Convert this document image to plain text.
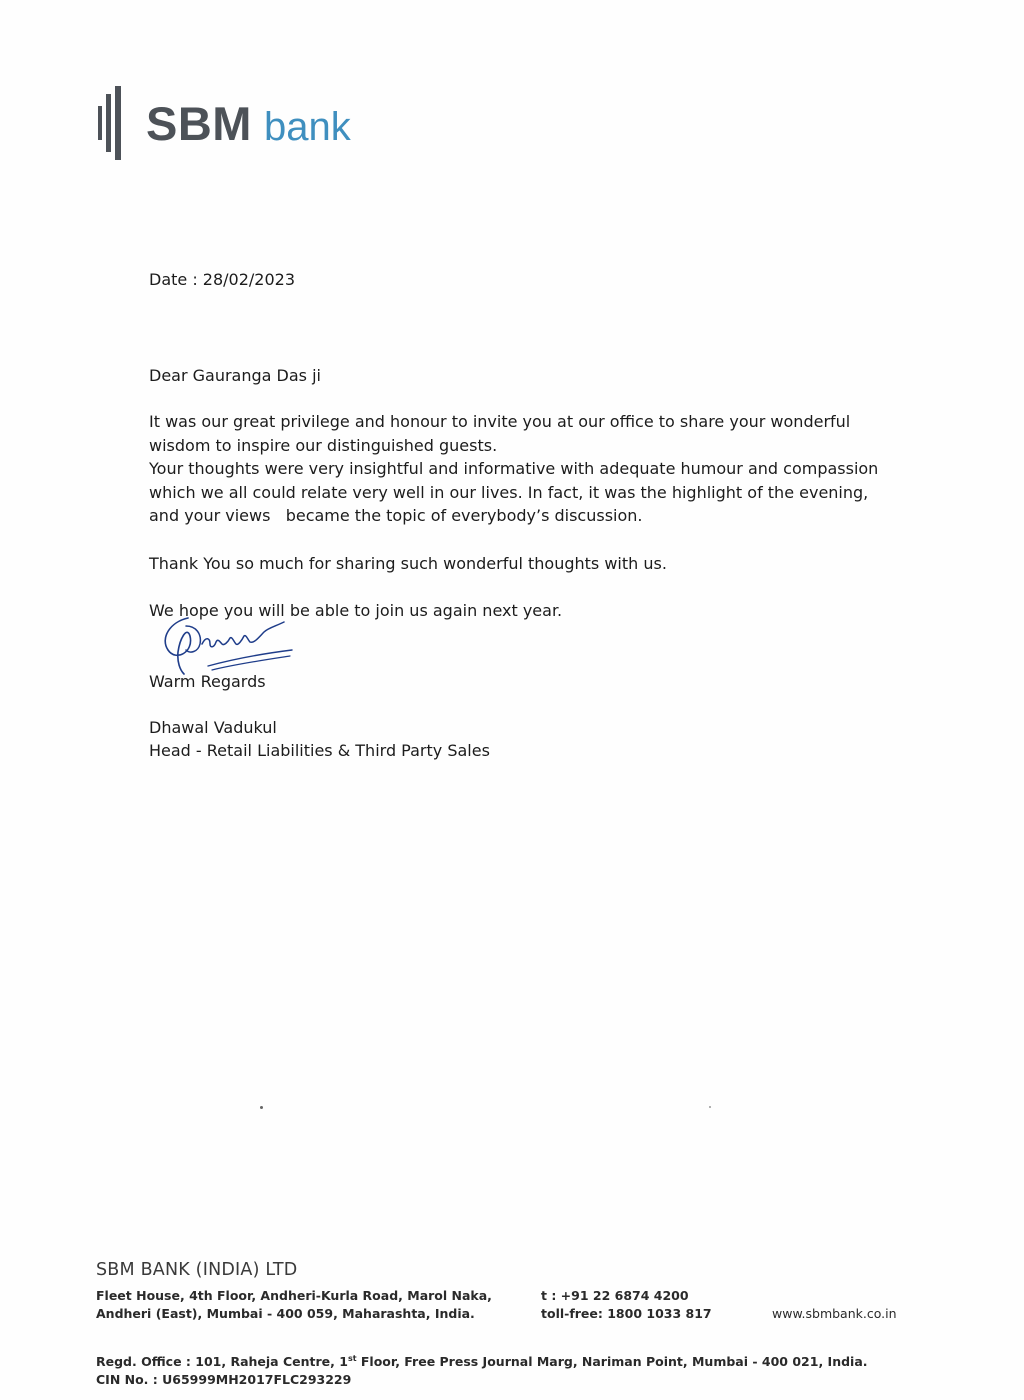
SBM bank
Date : 28/02/2023
Dear Gauranga Das ji

It was our great privilege and honour to invite you at our office to share your wonderful

wisdom to inspire our distinguished guests.

Your thoughts were very insightful and informative with adequate humour and compassion

which we all could relate very well in our lives. In fact, it was the highlight of the evening,

and your views   became the topic of everybody’s discussion.

Thank You so much for sharing such wonderful thoughts with us.
We hope you will be able to join us again next year.
Warm Regards
Dhawal Vadukul
Head - Retail Liabilities & Third Party Sales
SBM BANK (INDIA) LTD
Fleet House, 4th Floor, Andheri-Kurla Road, Marol Naka,
Andheri (East), Mumbai - 400 059, Maharashta, India.
t : +91 22 6874 4200
toll-free: 1800 1033 817	www.sbmbank.co.in
Regd. Office : 101, Raheja Centre, 1st Floor, Free Press Journal Marg, Nariman Point, Mumbai - 400 021, India.
CIN No. : U65999MH2017FLC293229
